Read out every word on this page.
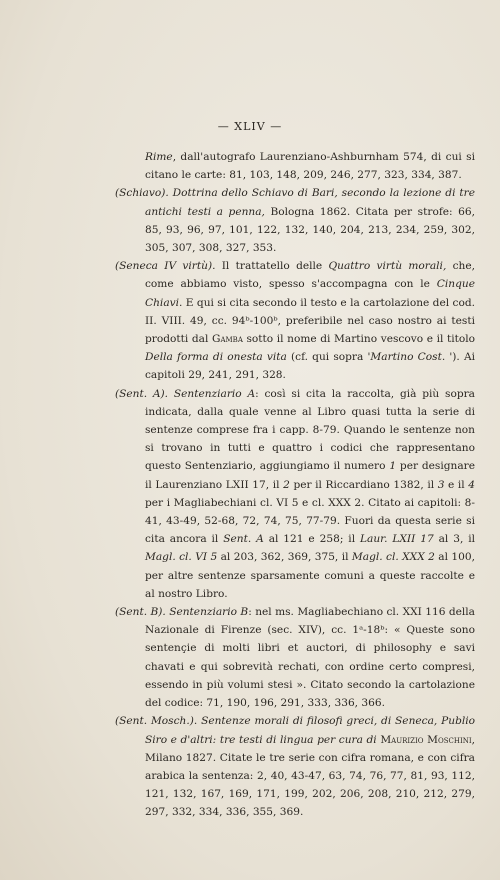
— XLIV —

Rime, dall'autografo Laurenziano-Ashburnham 574, di cui si citano le carte: 81, 103, 148, 209, 246, 277, 323, 334, 387.

(Schiavo). Dottrina dello Schiavo di Bari, secondo la lezione di tre antichi testi a penna, Bologna 1862. Citata per strofe: 66, 85, 93, 96, 97, 101, 122, 132, 140, 204, 213, 234, 259, 302, 305, 307, 308, 327, 353.

(Seneca IV virtù). Il trattatello delle Quattro virtù morali, che, come abbiamo visto, spesso s'accompagna con le Cinque Chiavi. E qui si cita secondo il testo e la cartolazione del cod. II. VIII. 49, cc. 94ᵇ-100ᵇ, preferibile nel caso nostro ai testi prodotti dal Gamba sotto il nome di Martino vescovo e il titolo Della forma di onesta vita (cf. qui sopra 'Martino Cost. '). Ai capitoli 29, 241, 291, 328.

(Sent. A). Sentenziario A: così si cita la raccolta, già più sopra indicata, dalla quale venne al Libro quasi tutta la serie di sentenze comprese fra i capp. 8-79. Quando le sentenze non si trovano in tutti e quattro i codici che rappresentano questo Sentenziario, aggiungiamo il numero 1 per designare il Laurenziano LXII 17, il 2 per il Riccardiano 1382, il 3 e il 4 per i Magliabechiani cl. VI 5 e cl. XXX 2. Citato ai capitoli: 8-41, 43-49, 52-68, 72, 74, 75, 77-79. Fuori da questa serie si cita ancora il Sent. A al 121 e 258; il Laur. LXII 17 al 3, il Magl. cl. VI 5 al 203, 362, 369, 375, il Magl. cl. XXX 2 al 100, per altre sentenze sparsamente comuni a queste raccolte e al nostro Libro.

(Sent. B). Sentenziario B: nel ms. Magliabechiano cl. XXI 116 della Nazionale di Firenze (sec. XIV), cc. 1ᵃ-18ᵇ: « Queste sono sentençie di molti libri et auctori, di philosophy e savi chavati e qui sobrevità rechati, con ordine certo compresi, essendo in più volumi stesi ». Citato secondo la cartolazione del codice: 71, 190, 196, 291, 333, 336, 366.

(Sent. Mosch.). Sentenze morali di filosofi greci, di Seneca, Publio Siro e d'altri: tre testi di lingua per cura di Maurizio Moschini, Milano 1827. Citate le tre serie con cifra romana, e con cifra arabica la sentenza: 2, 40, 43-47, 63, 74, 76, 77, 81, 93, 112, 121, 132, 167, 169, 171, 199, 202, 206, 208, 210, 212, 279, 297, 332, 334, 336, 355, 369.
